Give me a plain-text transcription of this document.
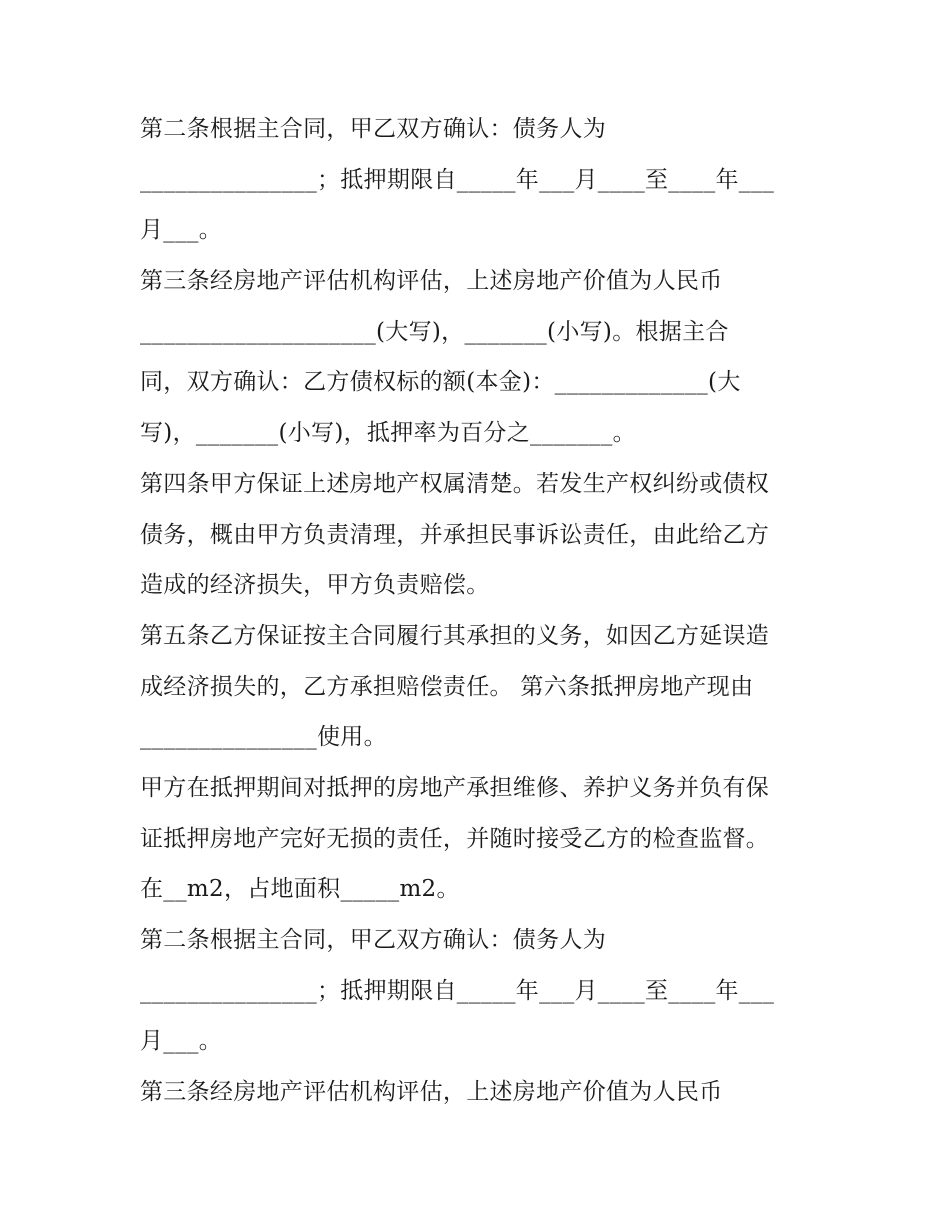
第二条根据主合同，甲乙双方确认：债务人为
_______________；抵押期限自_____年___月____至____年___
月___。
第三条经房地产评估机构评估，上述房地产价值为人民币
____________________(大写)，_______(小写)。根据主合
同，双方确认：乙方债权标的额(本金)：_____________(大
写)，_______(小写)，抵押率为百分之_______。
第四条甲方保证上述房地产权属清楚。若发生产权纠纷或债权
债务，概由甲方负责清理，并承担民事诉讼责任，由此给乙方
造成的经济损失，甲方负责赔偿。
第五条乙方保证按主合同履行其承担的义务，如因乙方延误造
成经济损失的，乙方承担赔偿责任。 第六条抵押房地产现由
_______________使用。
甲方在抵押期间对抵押的房地产承担维修、养护义务并负有保
证抵押房地产完好无损的责任，并随时接受乙方的检查监督。
在__m2，占地面积_____m2。
第二条根据主合同，甲乙双方确认：债务人为
_______________；抵押期限自_____年___月____至____年___
月___。
第三条经房地产评估机构评估，上述房地产价值为人民币
